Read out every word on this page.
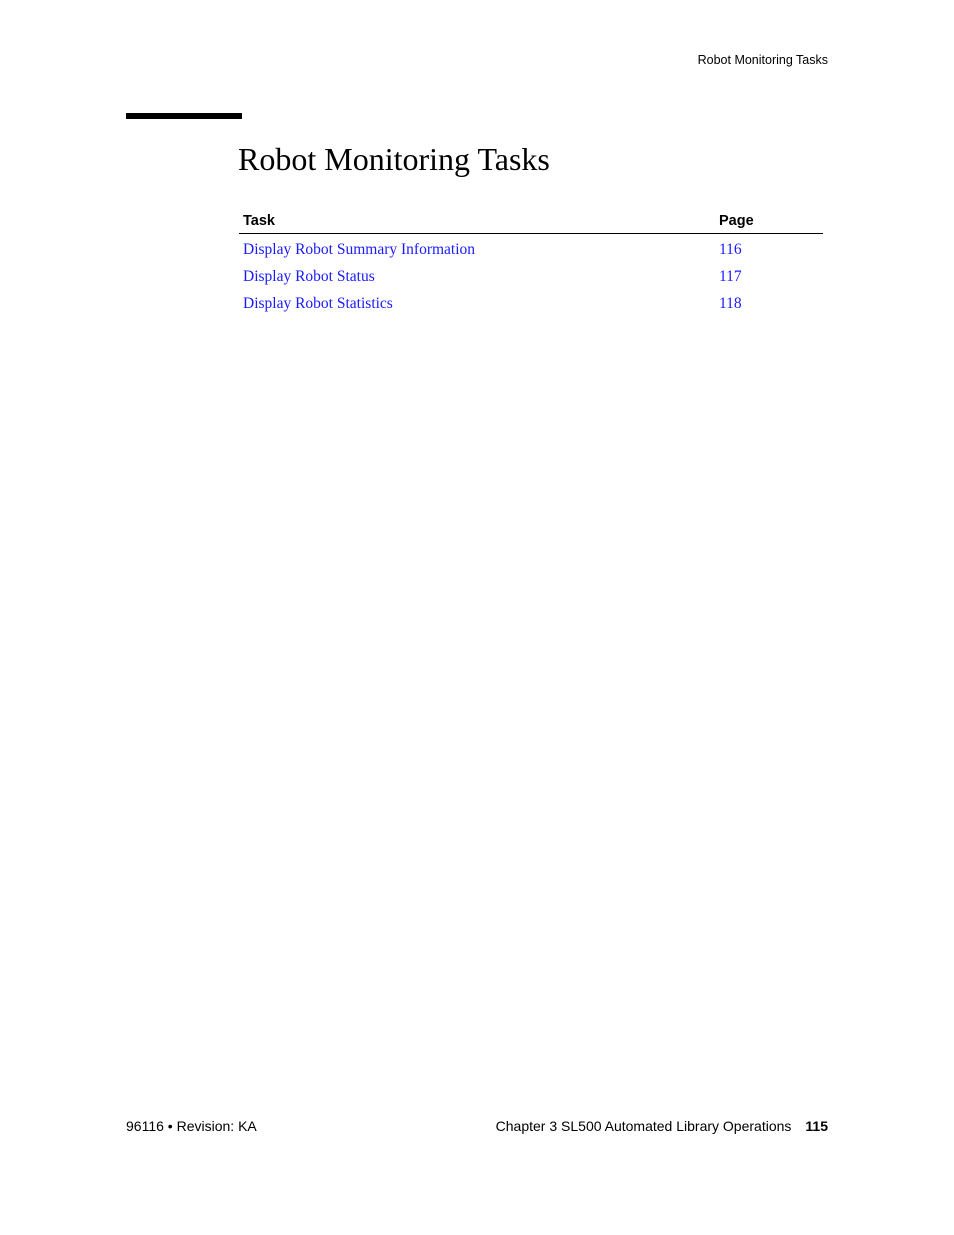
Robot Monitoring Tasks
Robot Monitoring Tasks
Task	Page
Display Robot Summary Information	116
Display Robot Status	117
Display Robot Statistics	118
96116 • Revision: KA	Chapter 3 SL500 Automated Library Operations 115
